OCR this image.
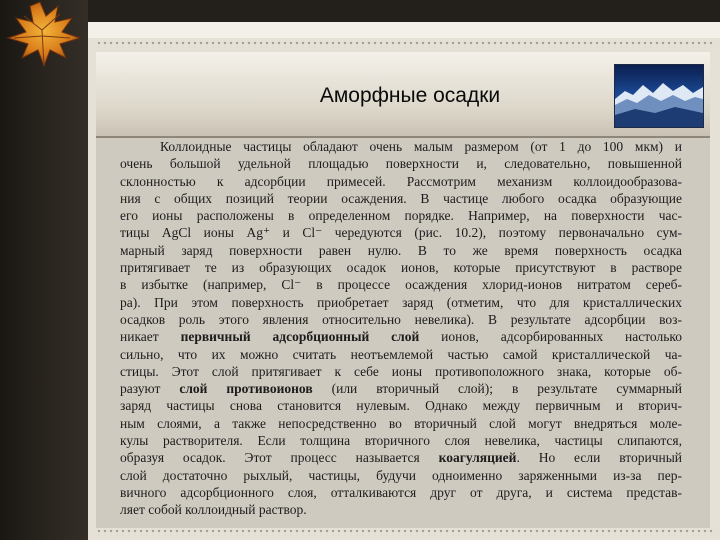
Аморфные осадки
Коллоидные частицы обладают очень малым размером (от 1 до 100 мкм) и
очень большой удельной площадью поверхности и, следовательно, повышенной
склонностью к адсорбции примесей. Рассмотрим механизм коллоидообразова-
ния с общих позиций теории осаждения. В частице любого осадка образующие
его ионы расположены в определенном порядке. Например, на поверхности час-
тицы AgCl ионы Ag⁺ и Cl⁻ чередуются (рис. 10.2), поэтому первоначально сум-
марный заряд поверхности равен нулю. В то же время поверхность осадка
притягивает те из образующих осадок ионов, которые присутствуют в растворе
в избытке (например, Cl⁻ в процессе осаждения хлорид-ионов нитратом сереб-
ра). При этом поверхность приобретает заряд (отметим, что для кристаллических
осадков роль этого явления относительно невелика). В результате адсорбции воз-
никает первичный адсорбционный слой ионов, адсорбированных настолько
сильно, что их можно считать неотъемлемой частью самой кристаллической ча-
стицы. Этот слой притягивает к себе ионы противоположного знака, которые об-
разуют слой противоионов (или вторичный слой); в результате суммарный
заряд частицы снова становится нулевым. Однако между первичным и вторич-
ным слоями, а также непосредственно во вторичный слой могут внедряться моле-
кулы растворителя. Если толщина вторичного слоя невелика, частицы слипаются,
образуя осадок. Этот процесс называется коагуляцией. Но если вторичный
слой достаточно рыхлый, частицы, будучи одноименно заряженными из-за пер-
вичного адсорбционного слоя, отталкиваются друг от друга, и система представ-
ляет собой коллоидный раствор.
